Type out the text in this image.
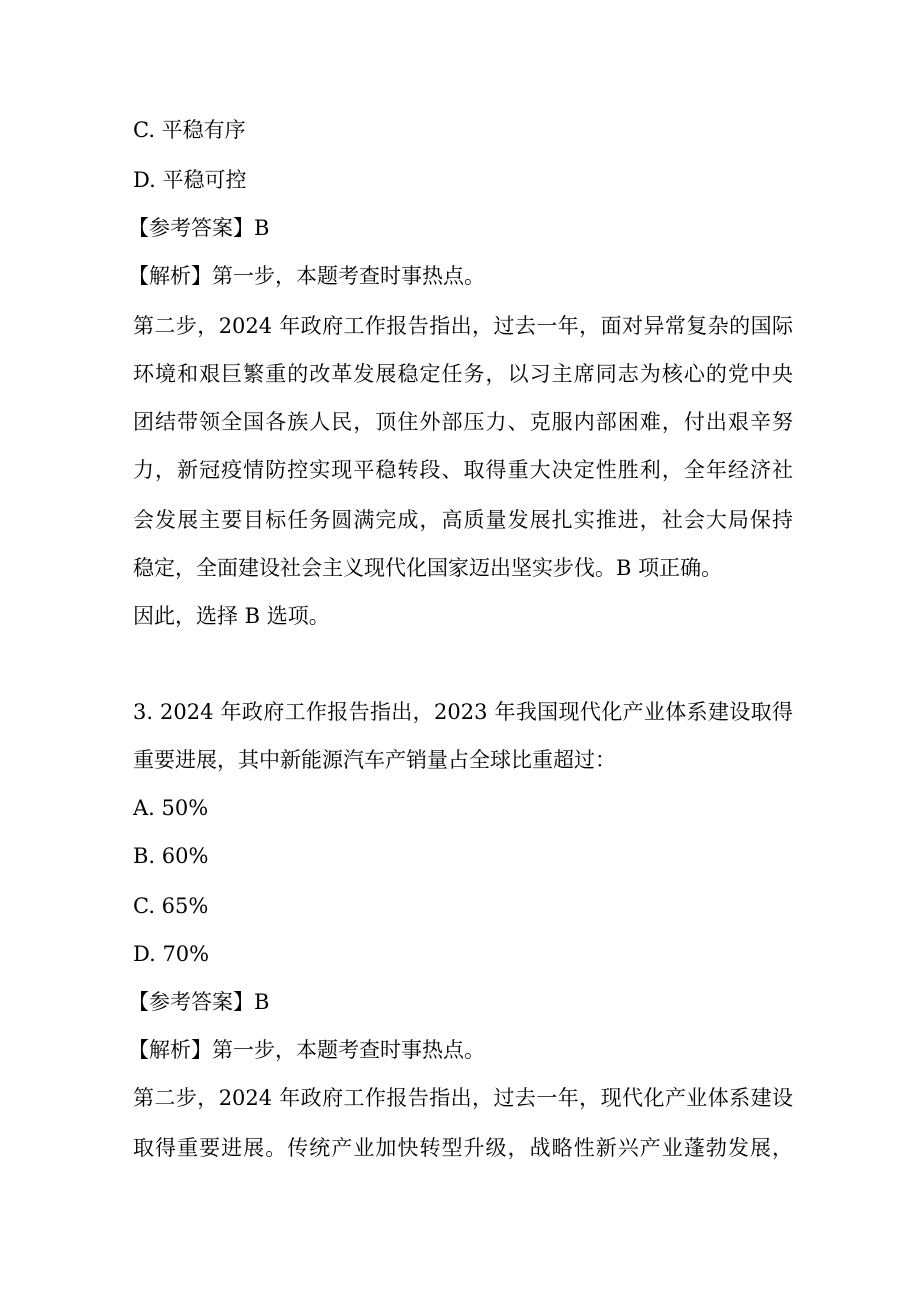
C. 平稳有序
D. 平稳可控
【参考答案】B
【解析】第一步，本题考查时事热点。
第二步，2024 年政府工作报告指出，过去一年，面对异常复杂的国际
环境和艰巨繁重的改革发展稳定任务，以习主席同志为核心的党中央
团结带领全国各族人民，顶住外部压力、克服内部困难，付出艰辛努
力，新冠疫情防控实现平稳转段、取得重大决定性胜利，全年经济社
会发展主要目标任务圆满完成，高质量发展扎实推进，社会大局保持
稳定，全面建设社会主义现代化国家迈出坚实步伐。B 项正确。
因此，选择 B 选项。
3. 2024 年政府工作报告指出，2023 年我国现代化产业体系建设取得
重要进展，其中新能源汽车产销量占全球比重超过：
A. 50%
B. 60%
C. 65%
D. 70%
【参考答案】B
【解析】第一步，本题考查时事热点。
第二步，2024 年政府工作报告指出，过去一年，现代化产业体系建设
取得重要进展。传统产业加快转型升级，战略性新兴产业蓬勃发展，
